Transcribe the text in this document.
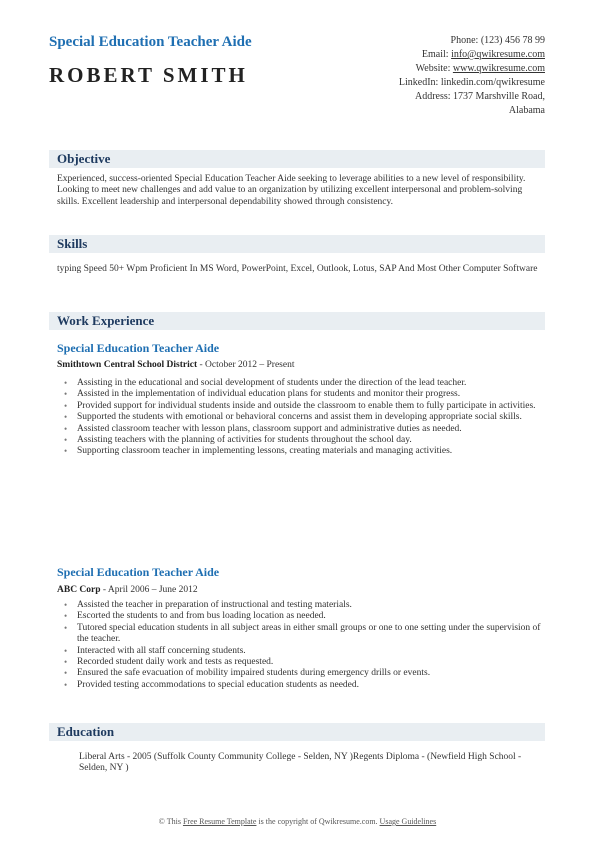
Special Education Teacher Aide
ROBERT SMITH
Phone: (123) 456 78 99
Email: info@qwikresume.com
Website: www.qwikresume.com
LinkedIn: linkedin.com/qwikresume
Address: 1737 Marshville Road,
Alabama
Objective
Experienced, success-oriented Special Education Teacher Aide seeking to leverage abilities to a new level of responsibility. Looking to meet new challenges and add value to an organization by utilizing excellent interpersonal and problem-solving skills. Excellent leadership and interpersonal dependability showed through consistency.
Skills
typing Speed 50+ Wpm Proficient In MS Word, PowerPoint, Excel, Outlook, Lotus, SAP And Most Other Computer Software
Work Experience
Special Education Teacher Aide
Smithtown Central School District - October 2012 – Present
• Assisting in the educational and social development of students under the direction of the lead teacher.
• Assisted in the implementation of individual education plans for students and monitor their progress.
• Provided support for individual students inside and outside the classroom to enable them to fully participate in activities.
• Supported the students with emotional or behavioral concerns and assist them in developing appropriate social skills.
• Assisted classroom teacher with lesson plans, classroom support and administrative duties as needed.
• Assisting teachers with the planning of activities for students throughout the school day.
• Supporting classroom teacher in implementing lessons, creating materials and managing activities.
Special Education Teacher Aide
ABC Corp - April 2006 – June 2012
• Assisted the teacher in preparation of instructional and testing materials.
• Escorted the students to and from bus loading location as needed.
• Tutored special education students in all subject areas in either small groups or one to one setting under the supervision of the teacher.
• Interacted with all staff concerning students.
• Recorded student daily work and tests as requested.
• Ensured the safe evacuation of mobility impaired students during emergency drills or events.
• Provided testing accommodations to special education students as needed.
Education
Liberal Arts - 2005 (Suffolk County Community College - Selden, NY )Regents Diploma - (Newfield High School - Selden, NY )
© This Free Resume Template is the copyright of Qwikresume.com. Usage Guidelines
